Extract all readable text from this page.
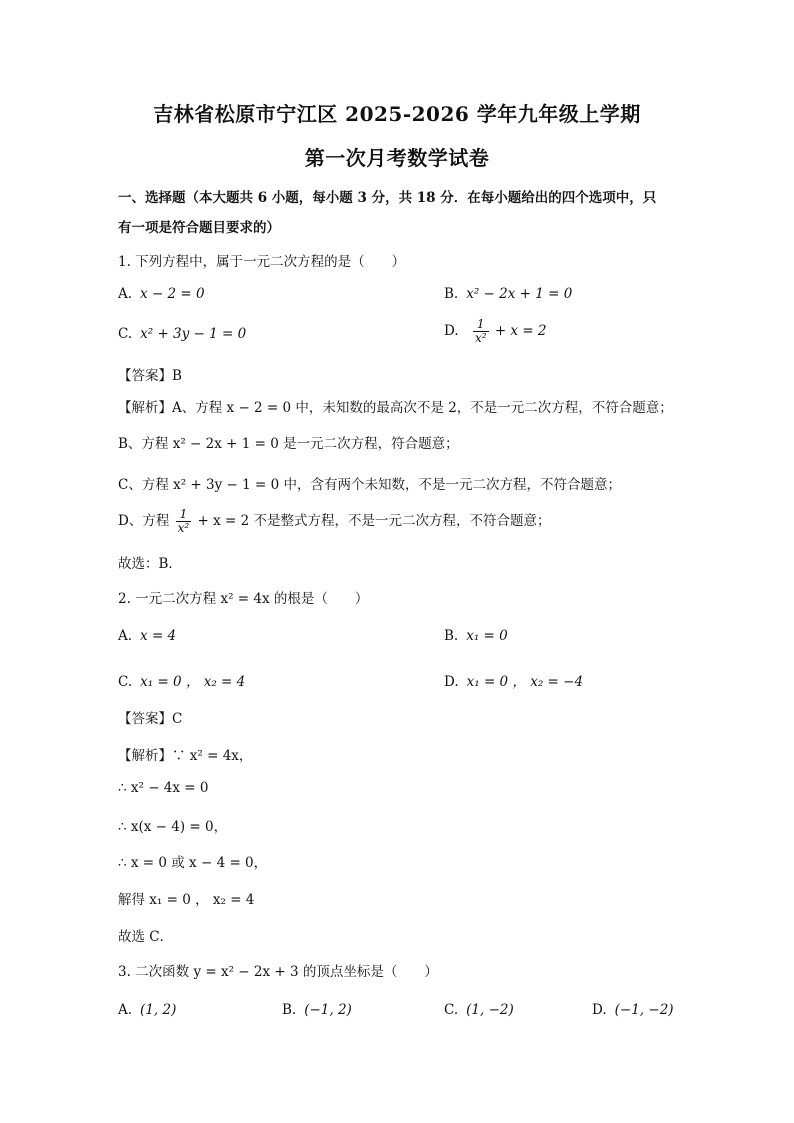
吉林省松原市宁江区 2025-2026 学年九年级上学期
第一次月考数学试卷
一、选择题（本大题共 6 小题，每小题 3 分，共 18 分．在每小题给出的四个选项中，只
有一项是符合题目要求的）
1. 下列方程中，属于一元二次方程的是（　　）
A. x − 2 = 0	B. x² − 2x + 1 = 0
C. x² + 3y − 1 = 0	D. $\frac{1}{\text{x²}} + x = 2$
【答案】B
【解析】A、方程 x − 2 = 0 中，未知数的最高次不是 2，不是一元二次方程，不符合题意；
B、方程 x² − 2x + 1 = 0 是一元二次方程，符合题意；
C、方程 x² + 3y − 1 = 0 中，含有两个未知数，不是一元二次方程，不符合题意；
D、方程 $\frac{1}{\text{x²}} + x = 2$ 不是整式方程，不是一元二次方程，不符合题意；
故选：B．
2. 一元二次方程 x² = 4x 的根是（　　）
A. x = 4	B. x₁ = 0
C. x₁ = 0 ， x₂ = 4	D. x₁ = 0 ， x₂ = −4
【答案】C
【解析】∵ x² = 4x，
∴ x² − 4x = 0
∴ x(x − 4) = 0，
∴ x = 0 或 x − 4 = 0，
解得 x₁ = 0 ， x₂ = 4
故选 C．
3. 二次函数 y = x² − 2x + 3 的顶点坐标是（　　）
A. (1, 2)	B. (−1, 2)	C. (1, −2)	D. (−1, −2)
